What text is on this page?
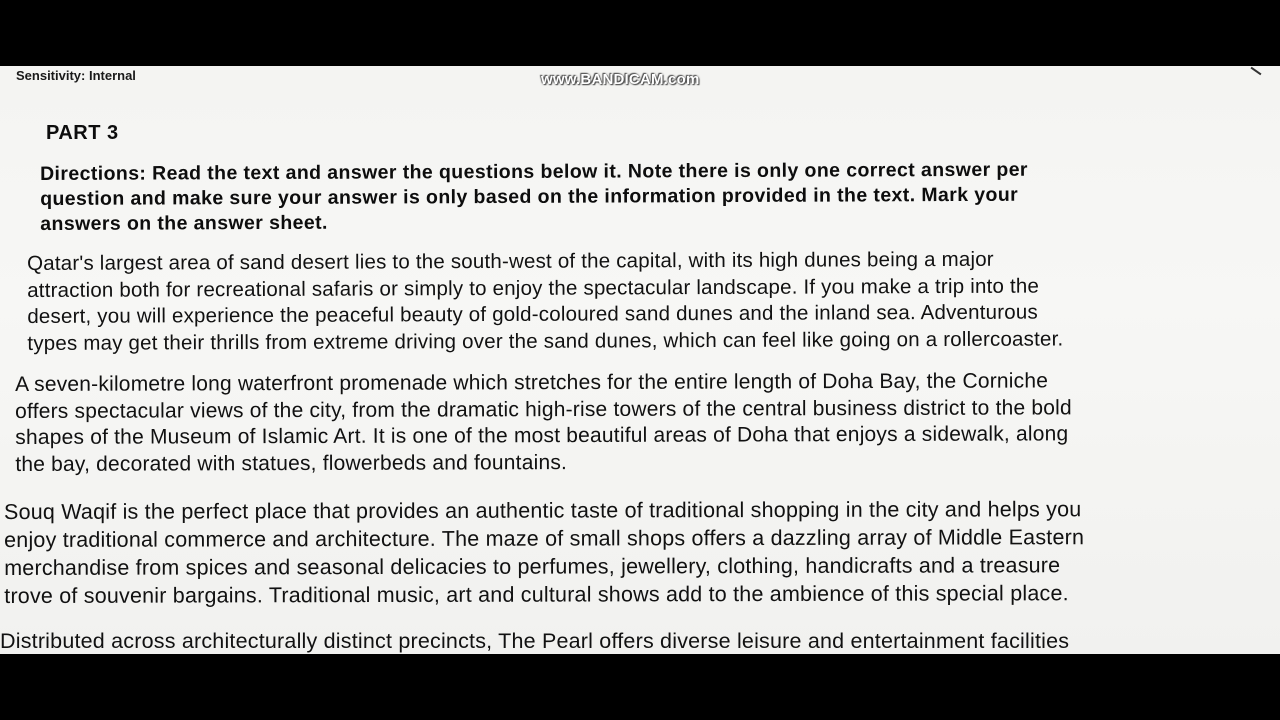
Sensitivity: Internal	www.BANDICAM.com
PART 3
Directions: Read the text and answer the questions below it. Note there is only one correct answer per
question and make sure your answer is only based on the information provided in the text. Mark your
answers on the answer sheet.
Qatar's largest area of sand desert lies to the south-west of the capital, with its high dunes being a major
attraction both for recreational safaris or simply to enjoy the spectacular landscape. If you make a trip into the
desert, you will experience the peaceful beauty of gold-coloured sand dunes and the inland sea. Adventurous
types may get their thrills from extreme driving over the sand dunes, which can feel like going on a rollercoaster.
A seven-kilometre long waterfront promenade which stretches for the entire length of Doha Bay, the Corniche
offers spectacular views of the city, from the dramatic high-rise towers of the central business district to the bold
shapes of the Museum of Islamic Art. It is one of the most beautiful areas of Doha that enjoys a sidewalk, along
the bay, decorated with statues, flowerbeds and fountains.
Souq Waqif is the perfect place that provides an authentic taste of traditional shopping in the city and helps you
enjoy traditional commerce and architecture. The maze of small shops offers a dazzling array of Middle Eastern
merchandise from spices and seasonal delicacies to perfumes, jewellery, clothing, handicrafts and a treasure
trove of souvenir bargains. Traditional music, art and cultural shows add to the ambience of this special place.
Distributed across architecturally distinct precincts, The Pearl offers diverse leisure and entertainment facilities
